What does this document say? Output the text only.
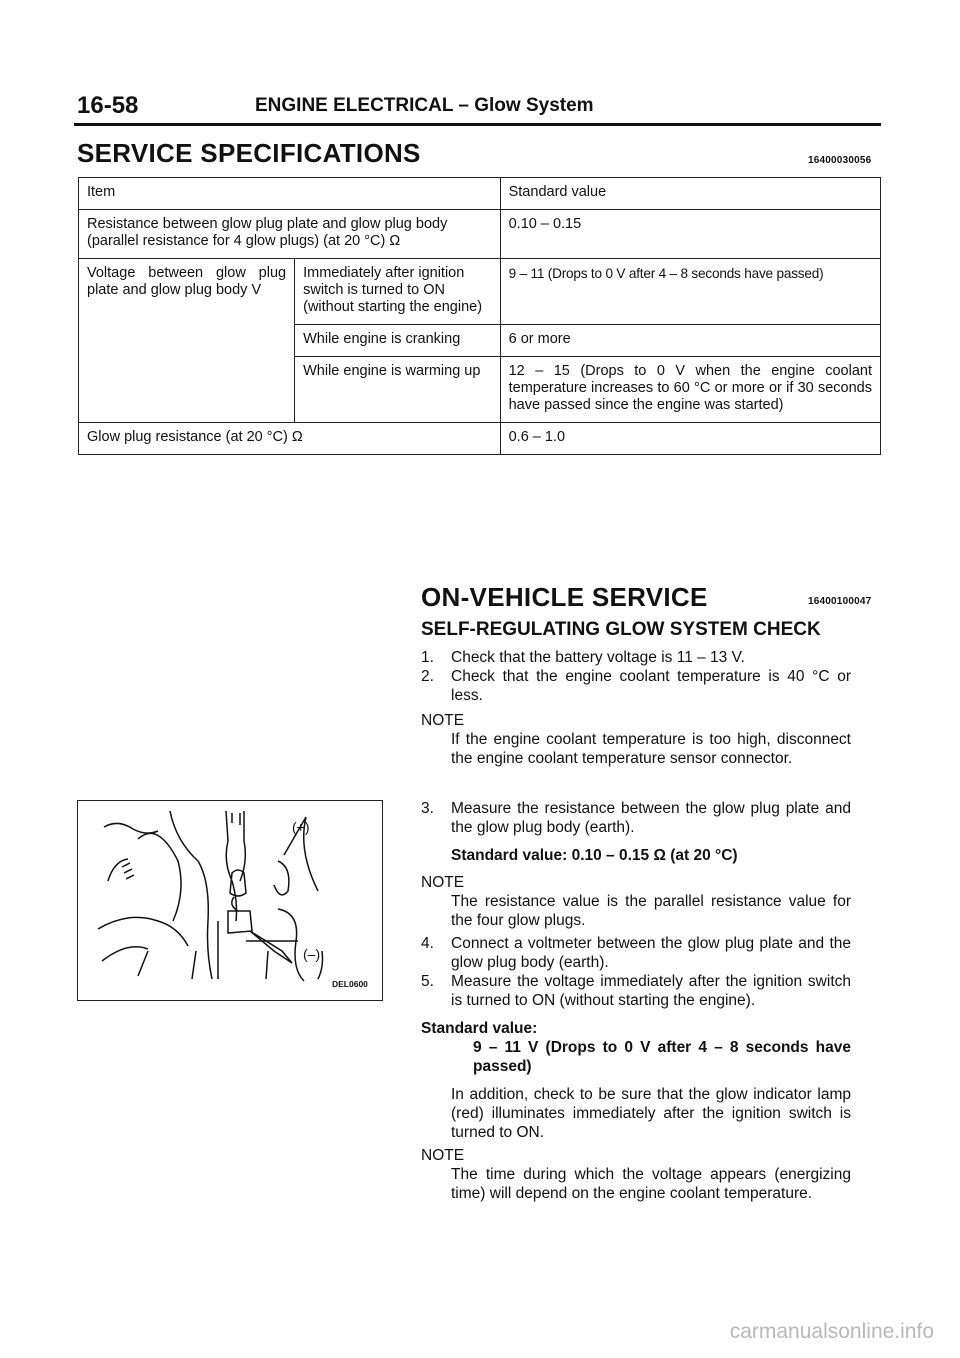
16-58	ENGINE ELECTRICAL – Glow System
SERVICE SPECIFICATIONS	16400030056
Item		Standard value
Resistance between glow plug plate and glow plug body (parallel resistance for 4 glow plugs) (at 20 °C) Ω		0.10 – 0.15
Voltage between glow plug plate and glow plug body V	Immediately after ignition switch is turned to ON (without starting the engine)	9 – 11 (Drops to 0 V after 4 – 8 seconds have passed)
	While engine is cranking	6 or more
	While engine is warming up	12 – 15 (Drops to 0 V when the engine coolant temperature increases to 60 °C or more or if 30 seconds have passed since the engine was started)
Glow plug resistance (at 20 °C) Ω		0.6 – 1.0
ON-VEHICLE SERVICE	16400100047
SELF-REGULATING GLOW SYSTEM CHECK
1. Check that the battery voltage is 11 – 13 V.

2. Check that the engine coolant temperature is 40 °C or less.

NOTE

If the engine coolant temperature is too high, disconnect the engine coolant temperature sensor connector.

3. Measure the resistance between the glow plug plate and the glow plug body (earth).

Standard value: 0.10 – 0.15 Ω (at 20 °C)

NOTE

The resistance value is the parallel resistance value for the four glow plugs.

4. Connect a voltmeter between the glow plug plate and the glow plug body (earth).

5. Measure the voltage immediately after the ignition switch is turned to ON (without starting the engine).

Standard value:

9 – 11 V (Drops to 0 V after 4 – 8 seconds have passed)

In addition, check to be sure that the glow indicator lamp (red) illuminates immediately after the ignition switch is turned to ON.

NOTE

The time during which the voltage appears (energizing time) will depend on the engine coolant temperature.

(+)
(–)
DEL0600
carmanualsonline.info
